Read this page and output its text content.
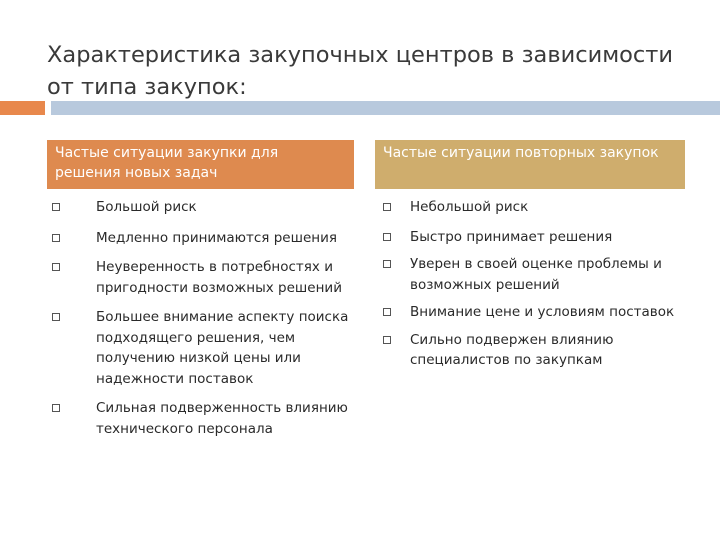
Характеристика закупочных центров в зависимости от типа закупок:
Частые ситуации закупки для решения новых задач
Частые ситуации повторных закупок
Большой риск
Медленно принимаются решения
Неуверенность в потребностях и пригодности возможных решений
Большее внимание аспекту поиска подходящего решения, чем получению низкой цены или надежности поставок
Сильная подверженность влиянию технического персонала
Небольшой риск
Быстро принимает решения
Уверен в своей оценке проблемы и возможных решений
Внимание цене и условиям поставок
Сильно подвержен влиянию специалистов по закупкам
